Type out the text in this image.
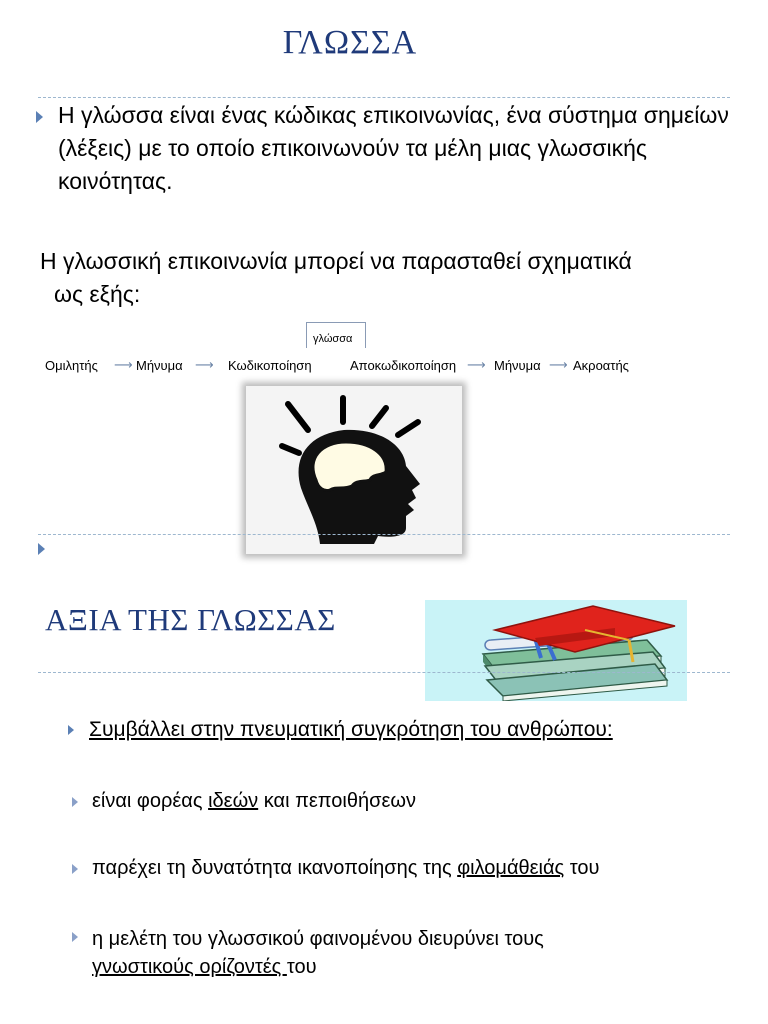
ΓΛΩΣΣΑ
Η γλώσσα είναι ένας κώδικας επικοινωνίας, ένα σύστημα σημείων (λέξεις) με το οποίο επικοινωνούν τα μέλη μιας γλωσσικής κοινότητας.
Η γλωσσική επικοινωνία μπορεί να παρασταθεί σχηματικά
ως εξής:
γλώσσα
Ομιλητής ⟶ Μήνυμα ⟶ Κωδικοποίηση	Αποκωδικοποίηση ⟶ Μήνυμα ⟶ Ακροατής
ΑΞΙΑ ΤΗΣ ΓΛΩΣΣΑΣ
Συμβάλλει στην πνευματική συγκρότηση του ανθρώπου:
είναι φορέας ιδεών και πεποιθήσεων
παρέχει τη δυνατότητα ικανοποίησης της φιλομάθειάς του
η μελέτη του γλωσσικού φαινομένου διευρύνει τους
γνωστικούς ορίζοντές του
